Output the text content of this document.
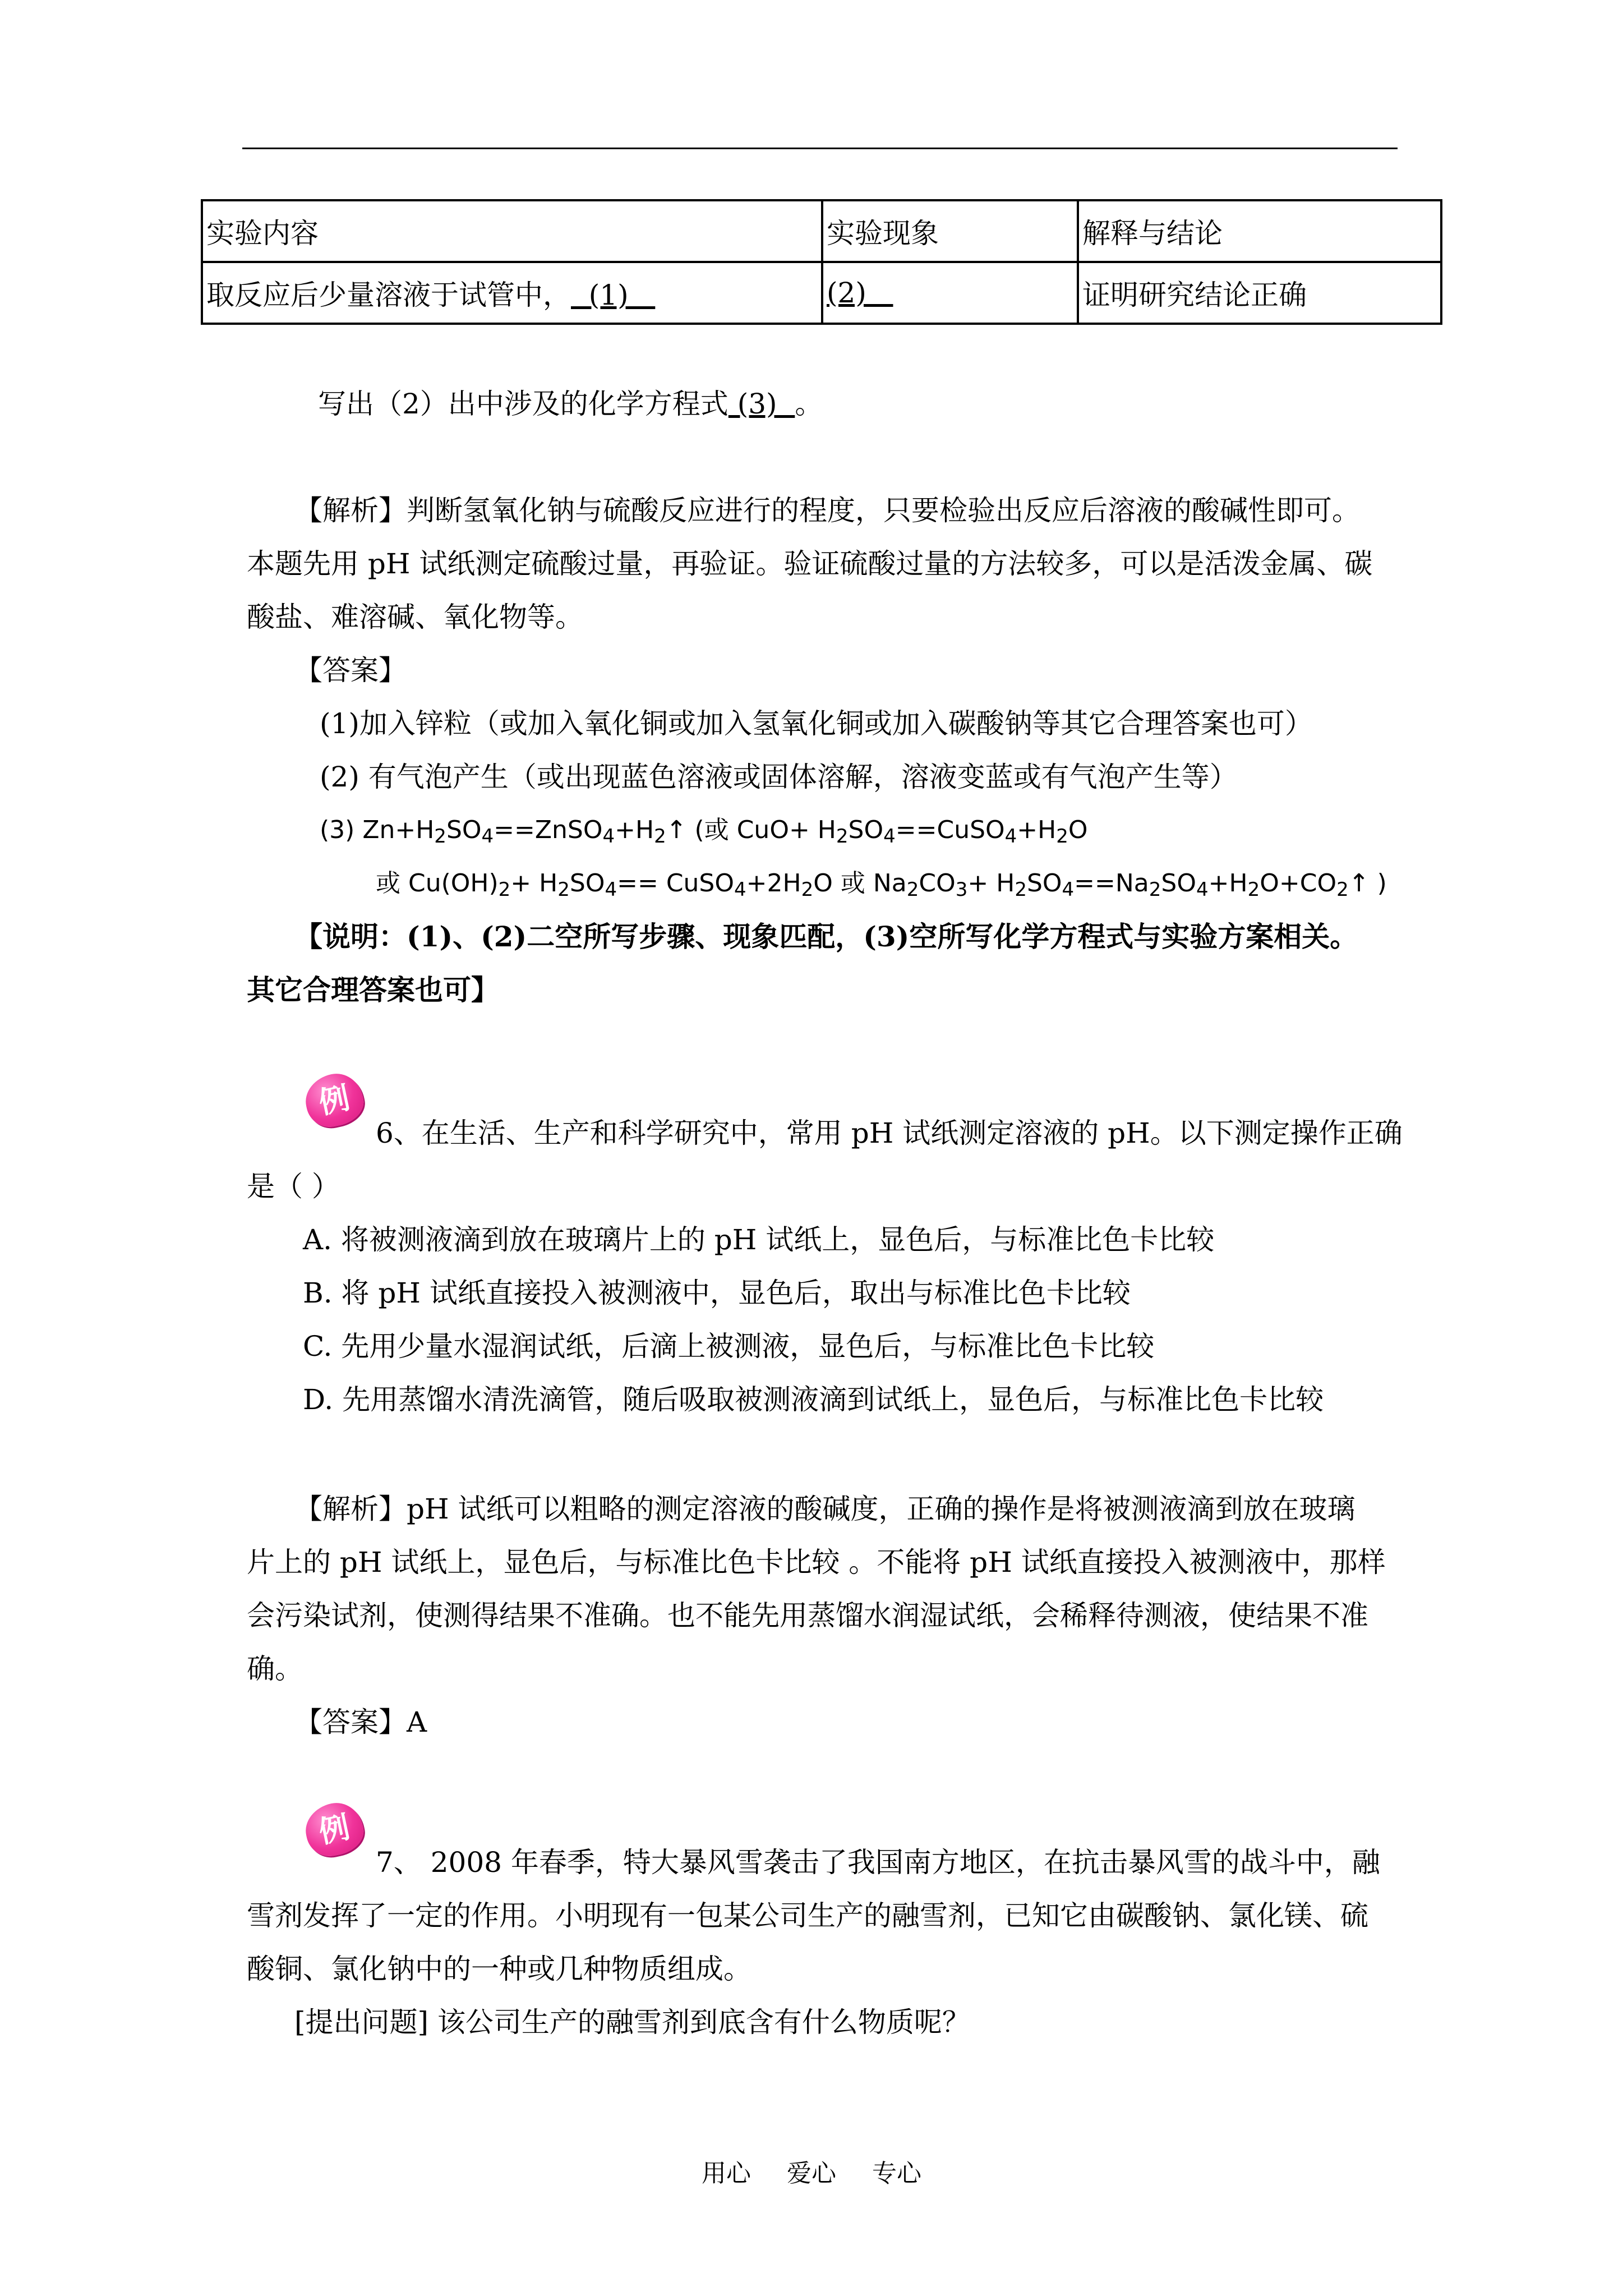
实验内容	实验现象	解释与结论
取反应后少量溶液于试管中，  (1)	(2)	证明研究结论正确
写出（2）出中涉及的化学方程式 (3)  。
【解析】判断氢氧化钠与硫酸反应进行的程度，只要检验出反应后溶液的酸碱性即可。
本题先用 pH 试纸测定硫酸过量，再验证。验证硫酸过量的方法较多，可以是活泼金属、碳
酸盐、难溶碱、氧化物等。
【答案】
(1)加入锌粒（或加入氧化铜或加入氢氧化铜或加入碳酸钠等其它合理答案也可）
(2) 有气泡产生（或出现蓝色溶液或固体溶解，溶液变蓝或有气泡产生等）
(3) $Zn+H_2SO_4==ZnSO_4+H_2↑$ (或 $CuO+ H_2SO_4==CuSO_4+H_2O$
或 $Cu(OH)_2+ H_2SO_4==$ $CuSO_4+2H_2O$ 或 $Na_2CO_3+$ $H_2SO_4==Na_2SO_4+H_2O+CO_2↑$ )
【说明：(1)、(2)二空所写步骤、现象匹配，(3)空所写化学方程式与实验方案相关。
其它合理答案也可】
例
6、在生活、生产和科学研究中，常用 pH 试纸测定溶液的 pH。以下测定操作正确
是（ ）
A. 将被测液滴到放在玻璃片上的 pH 试纸上，显色后，与标准比色卡比较
B. 将 pH 试纸直接投入被测液中，显色后，取出与标准比色卡比较
C. 先用少量水湿润试纸，后滴上被测液，显色后，与标准比色卡比较
D. 先用蒸馏水清洗滴管，随后吸取被测液滴到试纸上，显色后，与标准比色卡比较
【解析】pH 试纸可以粗略的测定溶液的酸碱度，正确的操作是将被测液滴到放在玻璃
片上的 pH 试纸上，显色后，与标准比色卡比较 。不能将 pH 试纸直接投入被测液中，那样
会污染试剂，使测得结果不准确。也不能先用蒸馏水润湿试纸，会稀释待测液，使结果不准
确。
【答案】A
例
7、 2008 年春季，特大暴风雪袭击了我国南方地区，在抗击暴风雪的战斗中，融
雪剂发挥了一定的作用。小明现有一包某公司生产的融雪剂，已知它由碳酸钠、氯化镁、硫
酸铜、氯化钠中的一种或几种物质组成。
[提出问题] 该公司生产的融雪剂到底含有什么物质呢？
用心 爱心 专心
